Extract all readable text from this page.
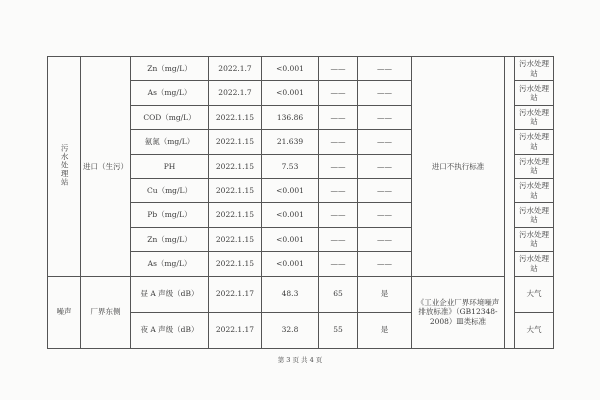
污水处理站	进口（生污）	Zn（mg/L）	2022.1.7	<0.001	——	——	进口不执行标准		污水处理站
		As（mg/L）	2022.1.7	<0.001	——	——			污水处理站
		COD（mg/L）	2022.1.15	136.86	——	——			污水处理站
		氨氮（mg/L）	2022.1.15	21.639	——	——			污水处理站
		PH	2022.1.15	7.53	——	——			污水处理站
		Cu（mg/L）	2022.1.15	<0.001	——	——			污水处理站
		Pb（mg/L）	2022.1.15	<0.001	——	——			污水处理站
		Zn（mg/L）	2022.1.15	<0.001	——	——			污水处理站
		As（mg/L）	2022.1.15	<0.001	——	——			污水处理站
噪声	厂界东侧	昼 A 声级（dB）	2022.1.17	48.3	65	是	《工业企业厂界环境噪声排放标准》（GB12348-2008）Ⅲ类标准		大气
		夜 A 声级（dB）	2022.1.17	32.8	55	是			大气
第 3 页 共 4 页
